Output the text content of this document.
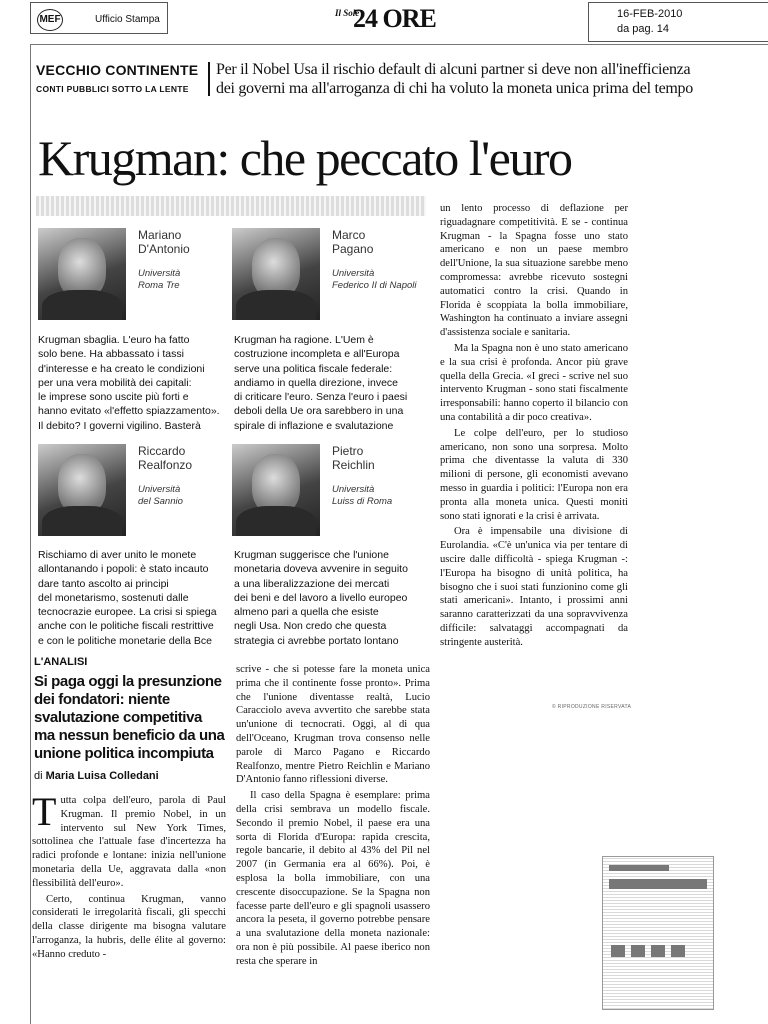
MEF	Ufficio Stampa
Il Sole
24 ORE	16-FEB-2010
da pag. 14
VECCHIO CONTINENTE
CONTI PUBBLICI SOTTO LA LENTE
Per il Nobel Usa il rischio default di alcuni partner si deve non all'inefficienza
dei governi ma all'arroganza di chi ha voluto la moneta unica prima del tempo
Krugman: che peccato l'euro
Mariano
D'Antonio
Università
Roma Tre
Krugman sbaglia. L'euro ha fatto
solo bene. Ha abbassato i tassi
d'interesse e ha creato le condizioni
per una vera mobilità dei capitali:
le imprese sono uscite più forti e
hanno evitato «l'effetto spiazzamento».
Il debito? I governi vigilino. Basterà
Marco
Pagano
Università
Federico II di Napoli
Krugman ha ragione. L'Uem è
costruzione incompleta e all'Europa
serve una politica fiscale federale:
andiamo in quella direzione, invece
di criticare l'euro. Senza l'euro i paesi
deboli della Ue ora sarebbero in una
spirale di inflazione e svalutazione
Riccardo
Realfonzo
Università
del Sannio
Rischiamo di aver unito le monete
allontanando i popoli: è stato incauto
dare tanto ascolto ai principi
del monetarismo, sostenuti dalle
tecnocrazie europee. La crisi si spiega
anche con le politiche fiscali restrittive
e con le politiche monetarie della Bce
Pietro
Reichlin
Università
Luiss di Roma
Krugman suggerisce che l'unione
monetaria doveva avvenire in seguito
a una liberalizzazione dei mercati
dei beni e del lavoro a livello europeo
almeno pari a quella che esiste
negli Usa. Non credo che questa
strategia ci avrebbe portato lontano
L'ANALISI
Si paga oggi la presunzione
dei fondatori: niente
svalutazione competitiva
ma nessun beneficio da una
unione politica incompiuta
di Maria Luisa Colledani

Tutta colpa dell'euro, parola di Paul Krugman. Il premio Nobel, in un intervento sul New York Times, sottolinea che l'attuale fase d'incertezza ha radici profonde e lontane: inizia nell'unione monetaria della Ue, aggravata dalla «non flessibilità dell'euro».

Certo, continua Krugman, vanno considerati le irregolarità fiscali, gli specchi della classe dirigente ma bisogna valutare l'arroganza, la hubris, delle élite al governo: «Hanno creduto -

scrive - che si potesse fare la moneta unica prima che il continente fosse pronto». Prima che l'unione diventasse realtà, Lucio Caracciolo aveva avvertito che sarebbe stata un'unione di tecnocrati. Oggi, al di qua dell'Oceano, Krugman trova consenso nelle parole di Marco Pagano e Riccardo Realfonzo, mentre Pietro Reichlin e Mariano D'Antonio fanno riflessioni diverse.

Il caso della Spagna è esemplare: prima della crisi sembrava un modello fiscale. Secondo il premio Nobel, il paese era una sorta di Florida d'Europa: rapida crescita, regole bancarie, il debito al 43% del Pil nel 2007 (in Germania era al 66%). Poi, è esplosa la bolla immobiliare, con una crescente disoccupazione. Se la Spagna non facesse parte dell'euro e gli spagnoli usassero ancora la peseta, il governo potrebbe pensare a una svalutazione della moneta nazionale: ora non è più possibile. Al paese iberico non resta che sperare in

un lento processo di deflazione per riguadagnare competitività. E se - continua Krugman - la Spagna fosse uno stato americano e non un paese membro dell'Unione, la sua situazione sarebbe meno compromessa: avrebbe ricevuto sostegni automatici contro la crisi. Quando in Florida è scoppiata la bolla immobiliare, Washington ha continuato a inviare assegni d'assistenza sociale e sanitaria.

Ma la Spagna non è uno stato americano e la sua crisi è profonda. Ancor più grave quella della Grecia. «I greci - scrive nel suo intervento Krugman - sono stati fiscalmente irresponsabili: hanno coperto il bilancio con una contabilità a dir poco creativa».

Le colpe dell'euro, per lo studioso americano, non sono una sorpresa. Molto prima che diventasse la valuta di 330 milioni di persone, gli economisti avevano messo in guardia i politici: l'Europa non era pronta alla moneta unica. Questi moniti sono stati ignorati e la crisi è arrivata.

Ora è impensabile una divisione di Eurolandia. «C'è un'unica via per tentare di uscire dalle difficoltà - spiega Krugman -: l'Europa ha bisogno di unità politica, ha bisogno che i suoi stati funzionino come gli stati americani». Intanto, i prossimi anni saranno caratterizzati da una sopravvivenza difficile: salvataggi accompagnati da stringente austerità.

© RIPRODUZIONE RISERVATA
